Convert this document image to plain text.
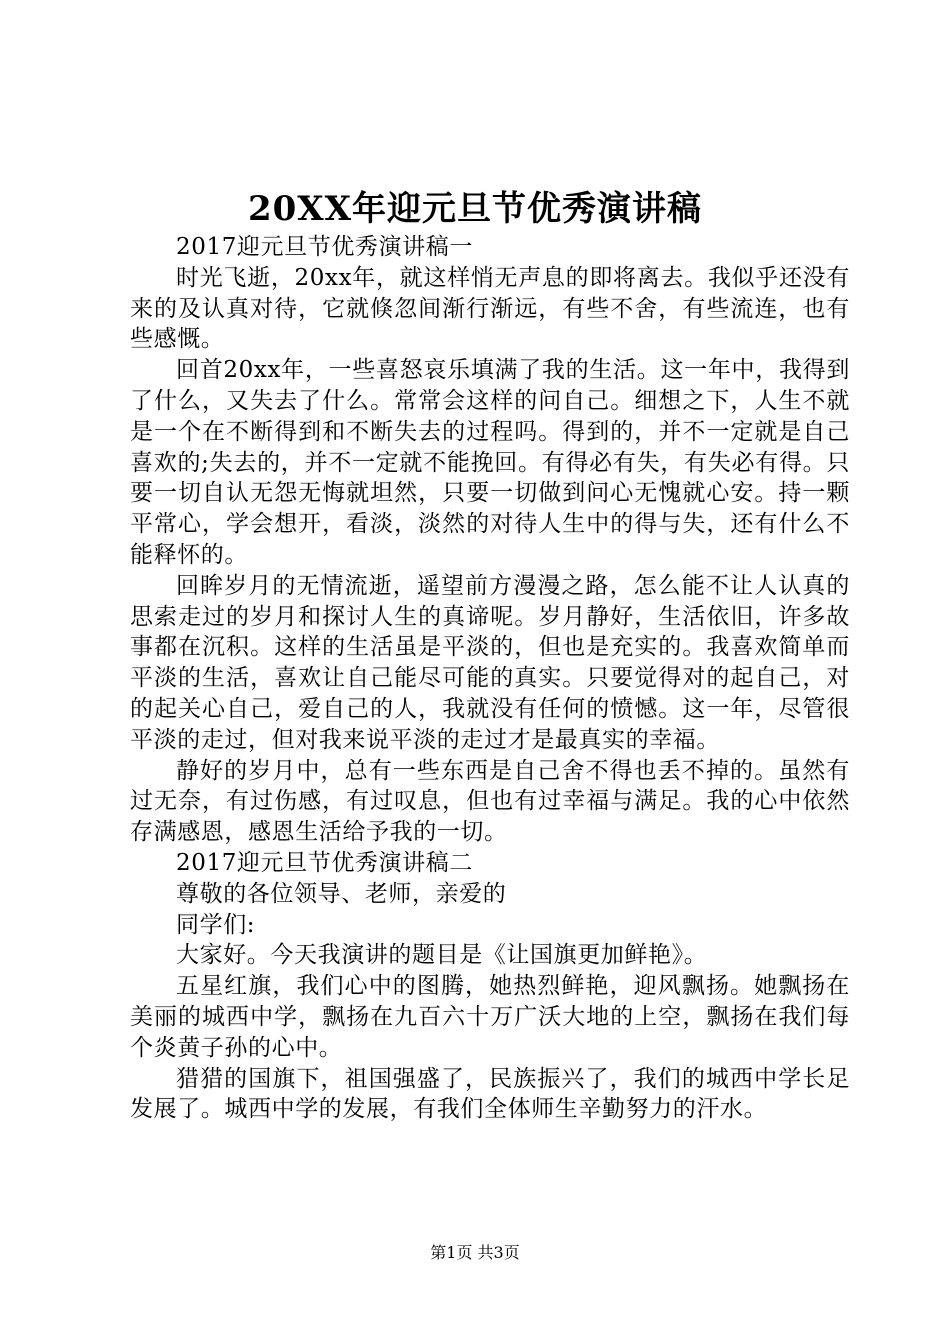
20XX年迎元旦节优秀演讲稿

2017迎元旦节优秀演讲稿一

时光飞逝，20xx年，就这样悄无声息的即将离去。我似乎还没有来的及认真对待，它就倏忽间渐行渐远，有些不舍，有些流连，也有些感慨。

回首20xx年，一些喜怒哀乐填满了我的生活。这一年中，我得到了什么，又失去了什么。常常会这样的问自己。细想之下，人生不就是一个在不断得到和不断失去的过程吗。得到的，并不一定就是自己喜欢的;失去的，并不一定就不能挽回。有得必有失，有失必有得。只要一切自认无怨无悔就坦然，只要一切做到问心无愧就心安。持一颗平常心，学会想开，看淡，淡然的对待人生中的得与失，还有什么不能释怀的。

回眸岁月的无情流逝，遥望前方漫漫之路，怎么能不让人认真的思索走过的岁月和探讨人生的真谛呢。岁月静好，生活依旧，许多故事都在沉积。这样的生活虽是平淡的，但也是充实的。我喜欢简单而平淡的生活，喜欢让自己能尽可能的真实。只要觉得对的起自己，对的起关心自己，爱自己的人，我就没有任何的愤憾。这一年，尽管很平淡的走过，但对我来说平淡的走过才是最真实的幸福。

静好的岁月中，总有一些东西是自己舍不得也丢不掉的。虽然有过无奈，有过伤感，有过叹息，但也有过幸福与满足。我的心中依然存满感恩，感恩生活给予我的一切。

2017迎元旦节优秀演讲稿二

尊敬的各位领导、老师，亲爱的

同学们:

大家好。今天我演讲的题目是《让国旗更加鲜艳》。

五星红旗，我们心中的图腾，她热烈鲜艳，迎风飘扬。她飘扬在美丽的城西中学，飘扬在九百六十万广沃大地的上空，飘扬在我们每个炎黄子孙的心中。

猎猎的国旗下，祖国强盛了，民族振兴了，我们的城西中学长足发展了。城西中学的发展，有我们全体师生辛勤努力的汗水。

第1页 共3页
